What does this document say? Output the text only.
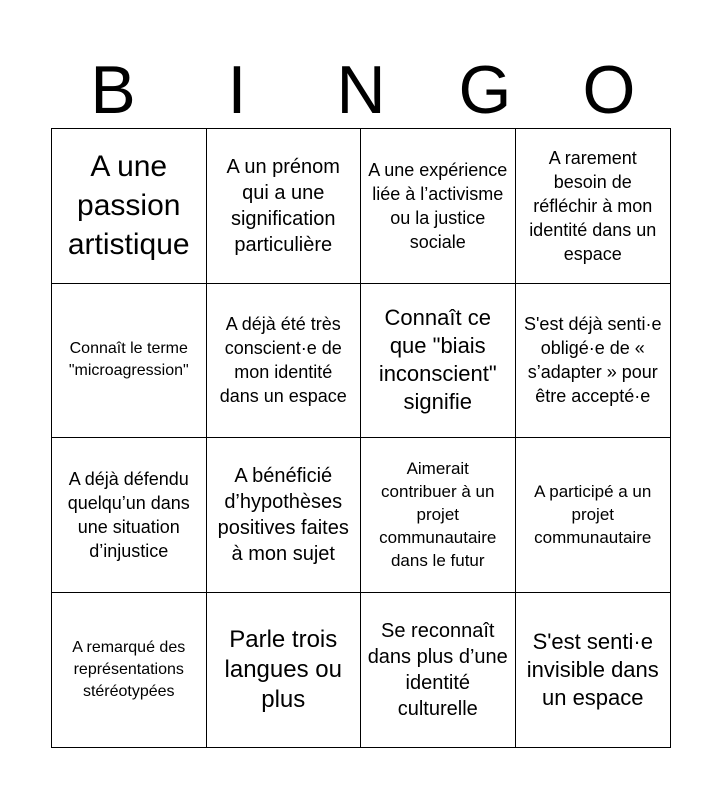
B	I	N	G	O
A une passion artistique
A un prénom qui a une signification particulière
A une expérience liée à l’activisme ou la justice sociale
A rarement besoin de réfléchir à mon identité dans un espace
Connaît le terme "microagression"
A déjà été très conscient·e de mon identité dans un espace
Connaît ce que "biais inconscient" signifie
S'est déjà senti·e obligé·e de « s’adapter » pour être accepté·e
A déjà défendu quelqu’un dans une situation d’injustice
A bénéficié d’hypothèses positives faites à mon sujet
Aimerait contribuer à un projet communautaire dans le futur
A participé a un projet communautaire
A remarqué des représentations stéréotypées
Parle trois langues ou plus
Se reconnaît dans plus d’une identité culturelle
S'est senti·e invisible dans un espace
